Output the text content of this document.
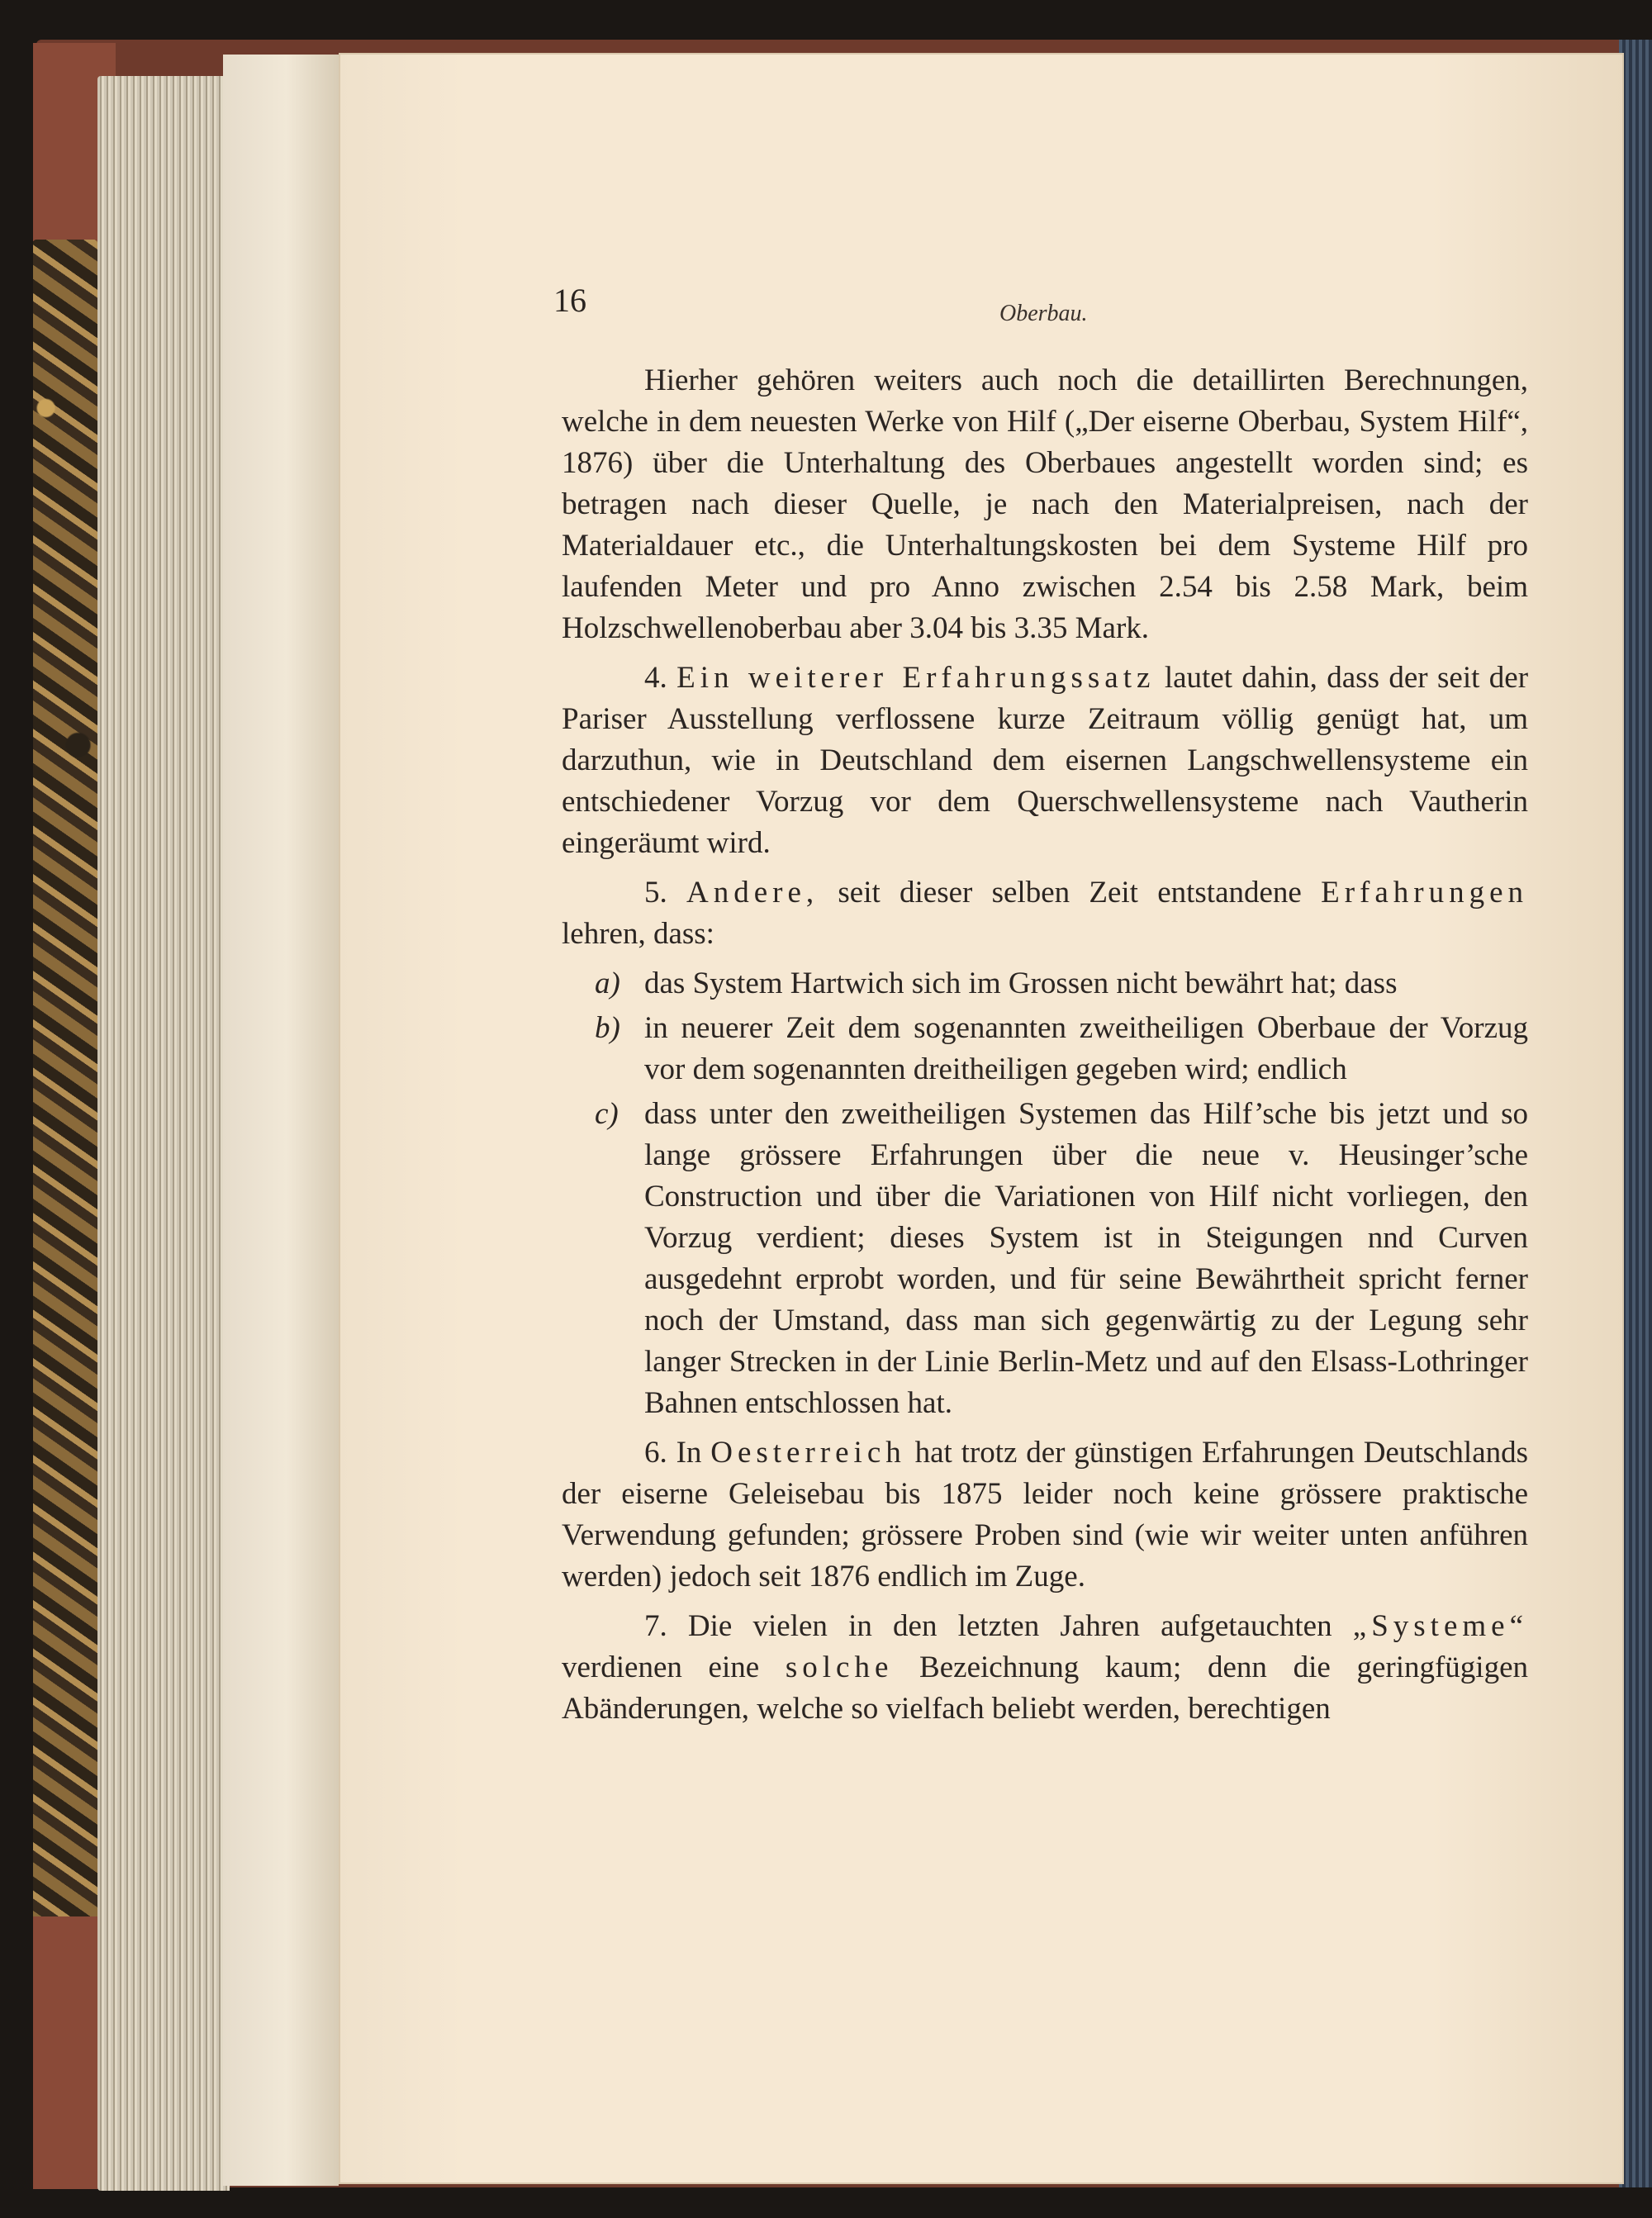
16	Oberbau.

Hierher gehören weiters auch noch die detaillirten Berechnungen, welche in dem neuesten Werke von Hilf („Der eiserne Oberbau, System Hilf“, 1876) über die Unterhaltung des Oberbaues angestellt worden sind; es betragen nach dieser Quelle, je nach den Materialpreisen, nach der Materialdauer etc., die Unterhaltungskosten bei dem Systeme Hilf pro laufenden Meter und pro Anno zwischen 2.54 bis 2.58 Mark, beim Holzschwellenoberbau aber 3.04 bis 3.35 Mark.

4. Ein weiterer Erfahrungssatz lautet dahin, dass der seit der Pariser Ausstellung verflossene kurze Zeitraum völlig genügt hat, um darzuthun, wie in Deutschland dem eisernen Langschwellensysteme ein entschiedener Vorzug vor dem Querschwellensysteme nach Vautherin eingeräumt wird.

5. Andere, seit dieser selben Zeit entstandene Erfahrungen lehren, dass:

a) das System Hartwich sich im Grossen nicht bewährt hat; dass
b) in neuerer Zeit dem sogenannten zweitheiligen Oberbaue der Vorzug vor dem sogenannten dreitheiligen gegeben wird; endlich
c) dass unter den zweitheiligen Systemen das Hilf’sche bis jetzt und so lange grössere Erfahrungen über die neue v. Heusinger’sche Construction und über die Variationen von Hilf nicht vorliegen, den Vorzug verdient; dieses System ist in Steigungen nnd Curven ausgedehnt erprobt worden, und für seine Bewährtheit spricht ferner noch der Umstand, dass man sich gegenwärtig zu der Legung sehr langer Strecken in der Linie Berlin-Metz und auf den Elsass-Lothringer Bahnen entschlossen hat.

6. In Oesterreich hat trotz der günstigen Erfahrungen Deutschlands der eiserne Geleisebau bis 1875 leider noch keine grössere praktische Verwendung gefunden; grössere Proben sind (wie wir weiter unten anführen werden) jedoch seit 1876 endlich im Zuge.

7. Die vielen in den letzten Jahren aufgetauchten „Systeme“ verdienen eine solche Bezeichnung kaum; denn die geringfügigen Abänderungen, welche so vielfach beliebt werden, berechtigen
